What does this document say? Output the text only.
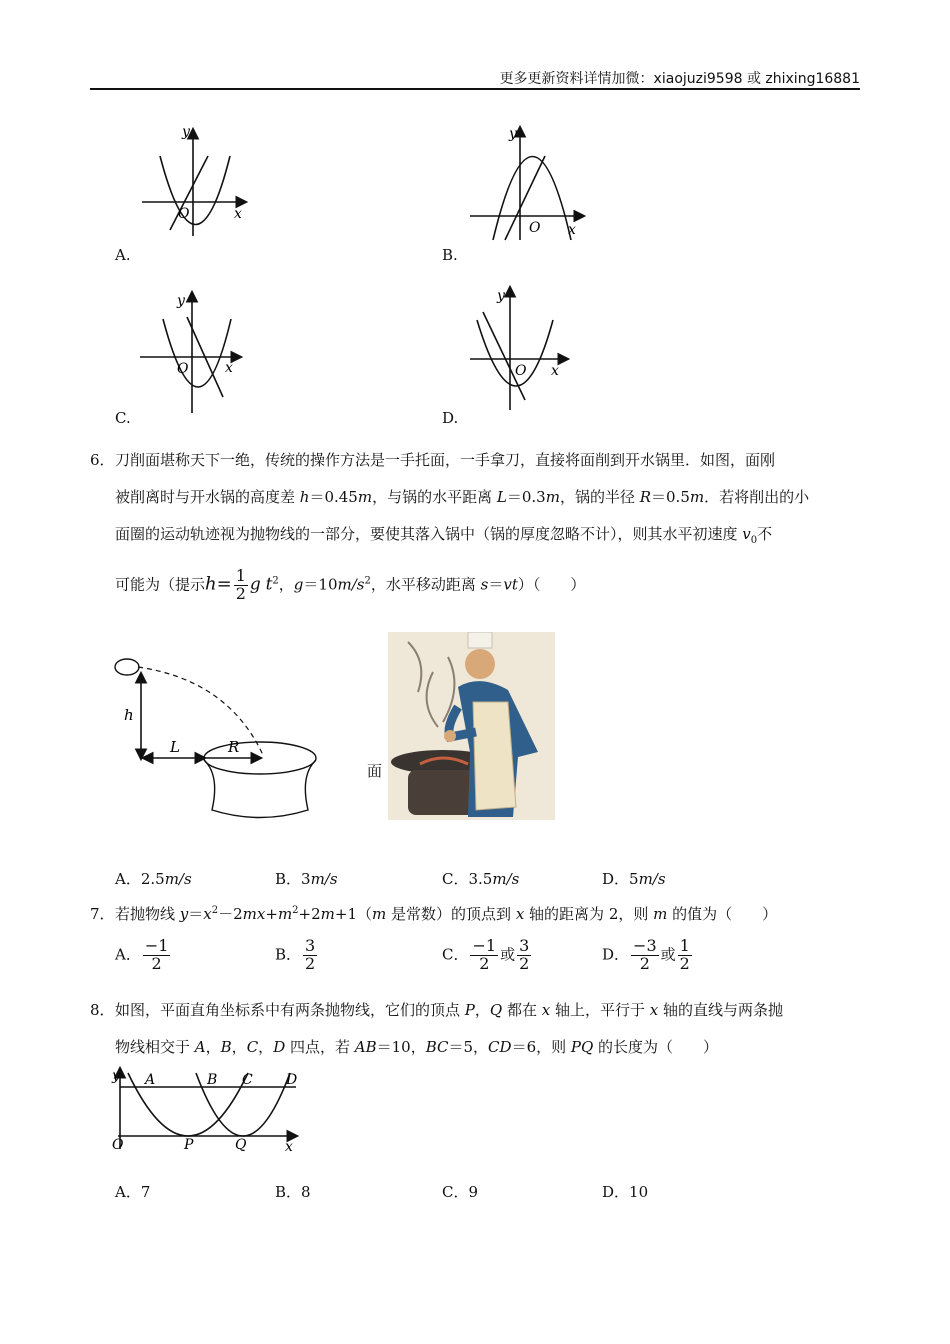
更多更新资料详情加微：xiaojuzi9598 或 zhixing16881
y
x
O
A.
y
x
O
B.
y
x
O
C.
y
x
O
D.
6． 刀削面堪称天下一绝，传统的操作方法是一手托面，一手拿刀，直接将面削到开水锅里．如图，面刚
被削离时与开水锅的高度差 h＝0.45m，与锅的水平距离 L＝0.3m，锅的半径 R＝0.5m．若将削出的小
面圈的运动轨迹视为抛物线的一部分，要使其落入锅中（锅的厚度忽略不计），则其水平初速度 $v_0$不
可能为（提示$h= \frac{1}{2}$ g $t^2$，$g=10m/s^2$，水平移动距离 s＝vt）（　　）
h
L	R
面
A．2.5m/s	B．3m/s	C．3.5m/s	D．5m/s
7． 若抛物线 $y=x^2-2mx+m^2+2m+1(m$ 是常数）的顶点到 x 轴的距离为 2，则 m 的值为（　　）
A． $\frac{-1}{2}$	B． $\frac{3}{2}$	C． $\frac{-1}{2}$ 或 $\frac{3}{2}$	D． $\frac{-3}{2}$ 或 $\frac{1}{2}$
8． 如图，平面直角坐标系中有两条抛物线，它们的顶点 P，Q 都在 x 轴上，平行于 x 轴的直线与两条抛
物线相交于 A，B，C，D 四点，若 AB＝10，BC＝5，CD＝6，则 PQ 的长度为（　　）
y A	B C D
O	P	Q	x
A．7	B．8	C．9	D．10
